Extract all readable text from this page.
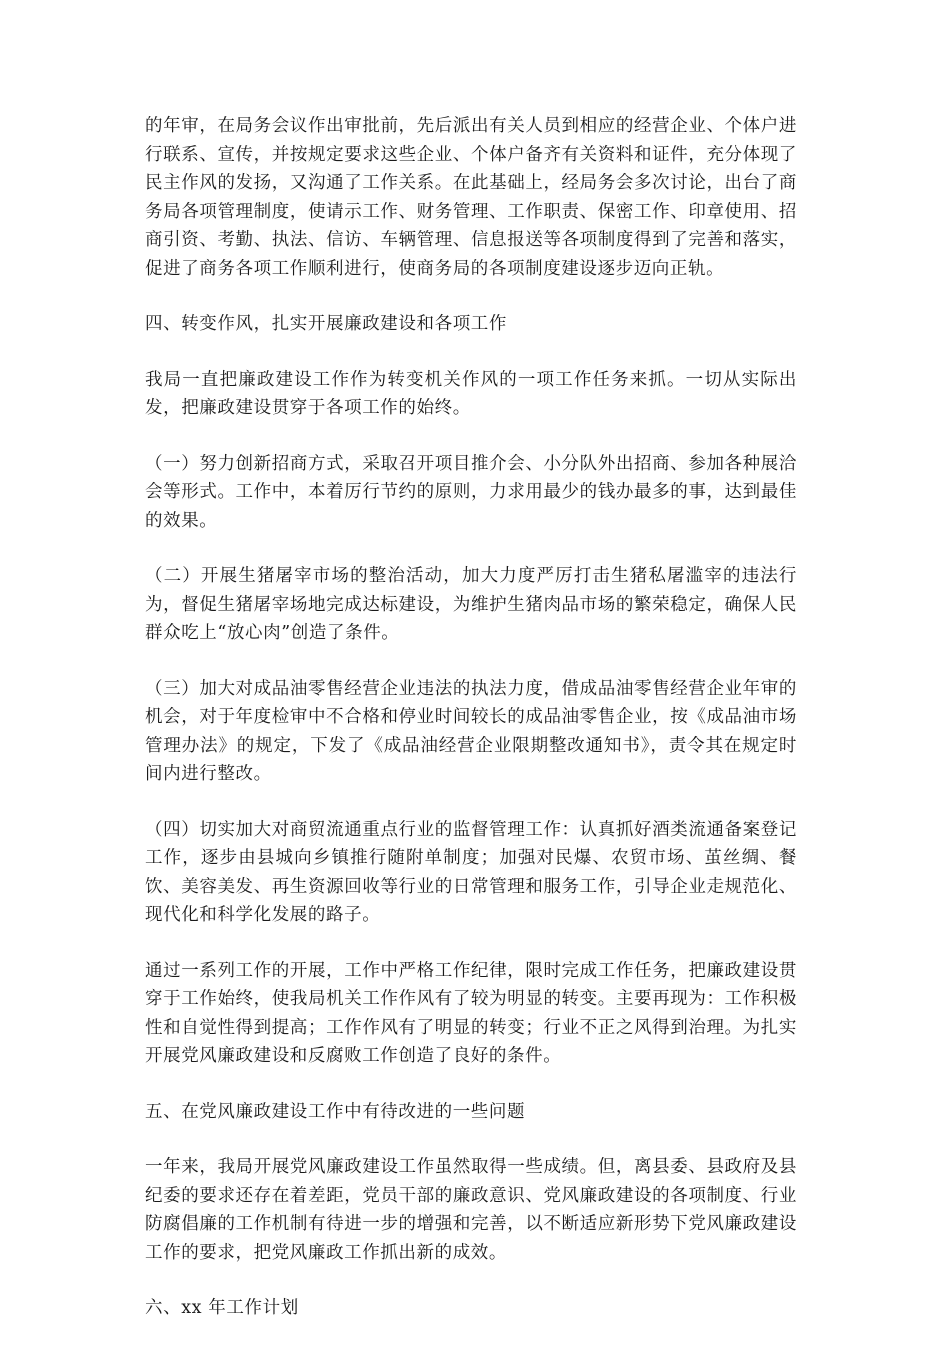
的年审，在局务会议作出审批前，先后派出有关人员到相应的经营企业、个体户进行联系、宣传，并按规定要求这些企业、个体户备齐有关资料和证件，充分体现了民主作风的发扬，又沟通了工作关系。在此基础上，经局务会多次讨论，出台了商务局各项管理制度，使请示工作、财务管理、工作职责、保密工作、印章使用、招商引资、考勤、执法、信访、车辆管理、信息报送等各项制度得到了完善和落实，促进了商务各项工作顺利进行，使商务局的各项制度建设逐步迈向正轨。

四、转变作风，扎实开展廉政建设和各项工作

我局一直把廉政建设工作作为转变机关作风的一项工作任务来抓。一切从实际出发，把廉政建设贯穿于各项工作的始终。

（一）努力创新招商方式，采取召开项目推介会、小分队外出招商、参加各种展洽会等形式。工作中，本着厉行节约的原则，力求用最少的钱办最多的事，达到最佳的效果。

（二）开展生猪屠宰市场的整治活动，加大力度严厉打击生猪私屠滥宰的违法行为，督促生猪屠宰场地完成达标建设，为维护生猪肉品市场的繁荣稳定，确保人民群众吃上“放心肉”创造了条件。

（三）加大对成品油零售经营企业违法的执法力度，借成品油零售经营企业年审的机会，对于年度检审中不合格和停业时间较长的成品油零售企业，按《成品油市场管理办法》的规定，下发了《成品油经营企业限期整改通知书》，责令其在规定时间内进行整改。

（四）切实加大对商贸流通重点行业的监督管理工作：认真抓好酒类流通备案登记工作，逐步由县城向乡镇推行随附单制度；加强对民爆、农贸市场、茧丝绸、餐饮、美容美发、再生资源回收等行业的日常管理和服务工作，引导企业走规范化、现代化和科学化发展的路子。

通过一系列工作的开展，工作中严格工作纪律，限时完成工作任务，把廉政建设贯穿于工作始终，使我局机关工作作风有了较为明显的转变。主要再现为：工作积极性和自觉性得到提高；工作作风有了明显的转变；行业不正之风得到治理。为扎实开展党风廉政建设和反腐败工作创造了良好的条件。

五、在党风廉政建设工作中有待改进的一些问题

一年来，我局开展党风廉政建设工作虽然取得一些成绩。但，离县委、县政府及县纪委的要求还存在着差距，党员干部的廉政意识、党风廉政建设的各项制度、行业防腐倡廉的工作机制有待进一步的增强和完善，以不断适应新形势下党风廉政建设工作的要求，把党风廉政工作抓出新的成效。

六、xx 年工作计划
